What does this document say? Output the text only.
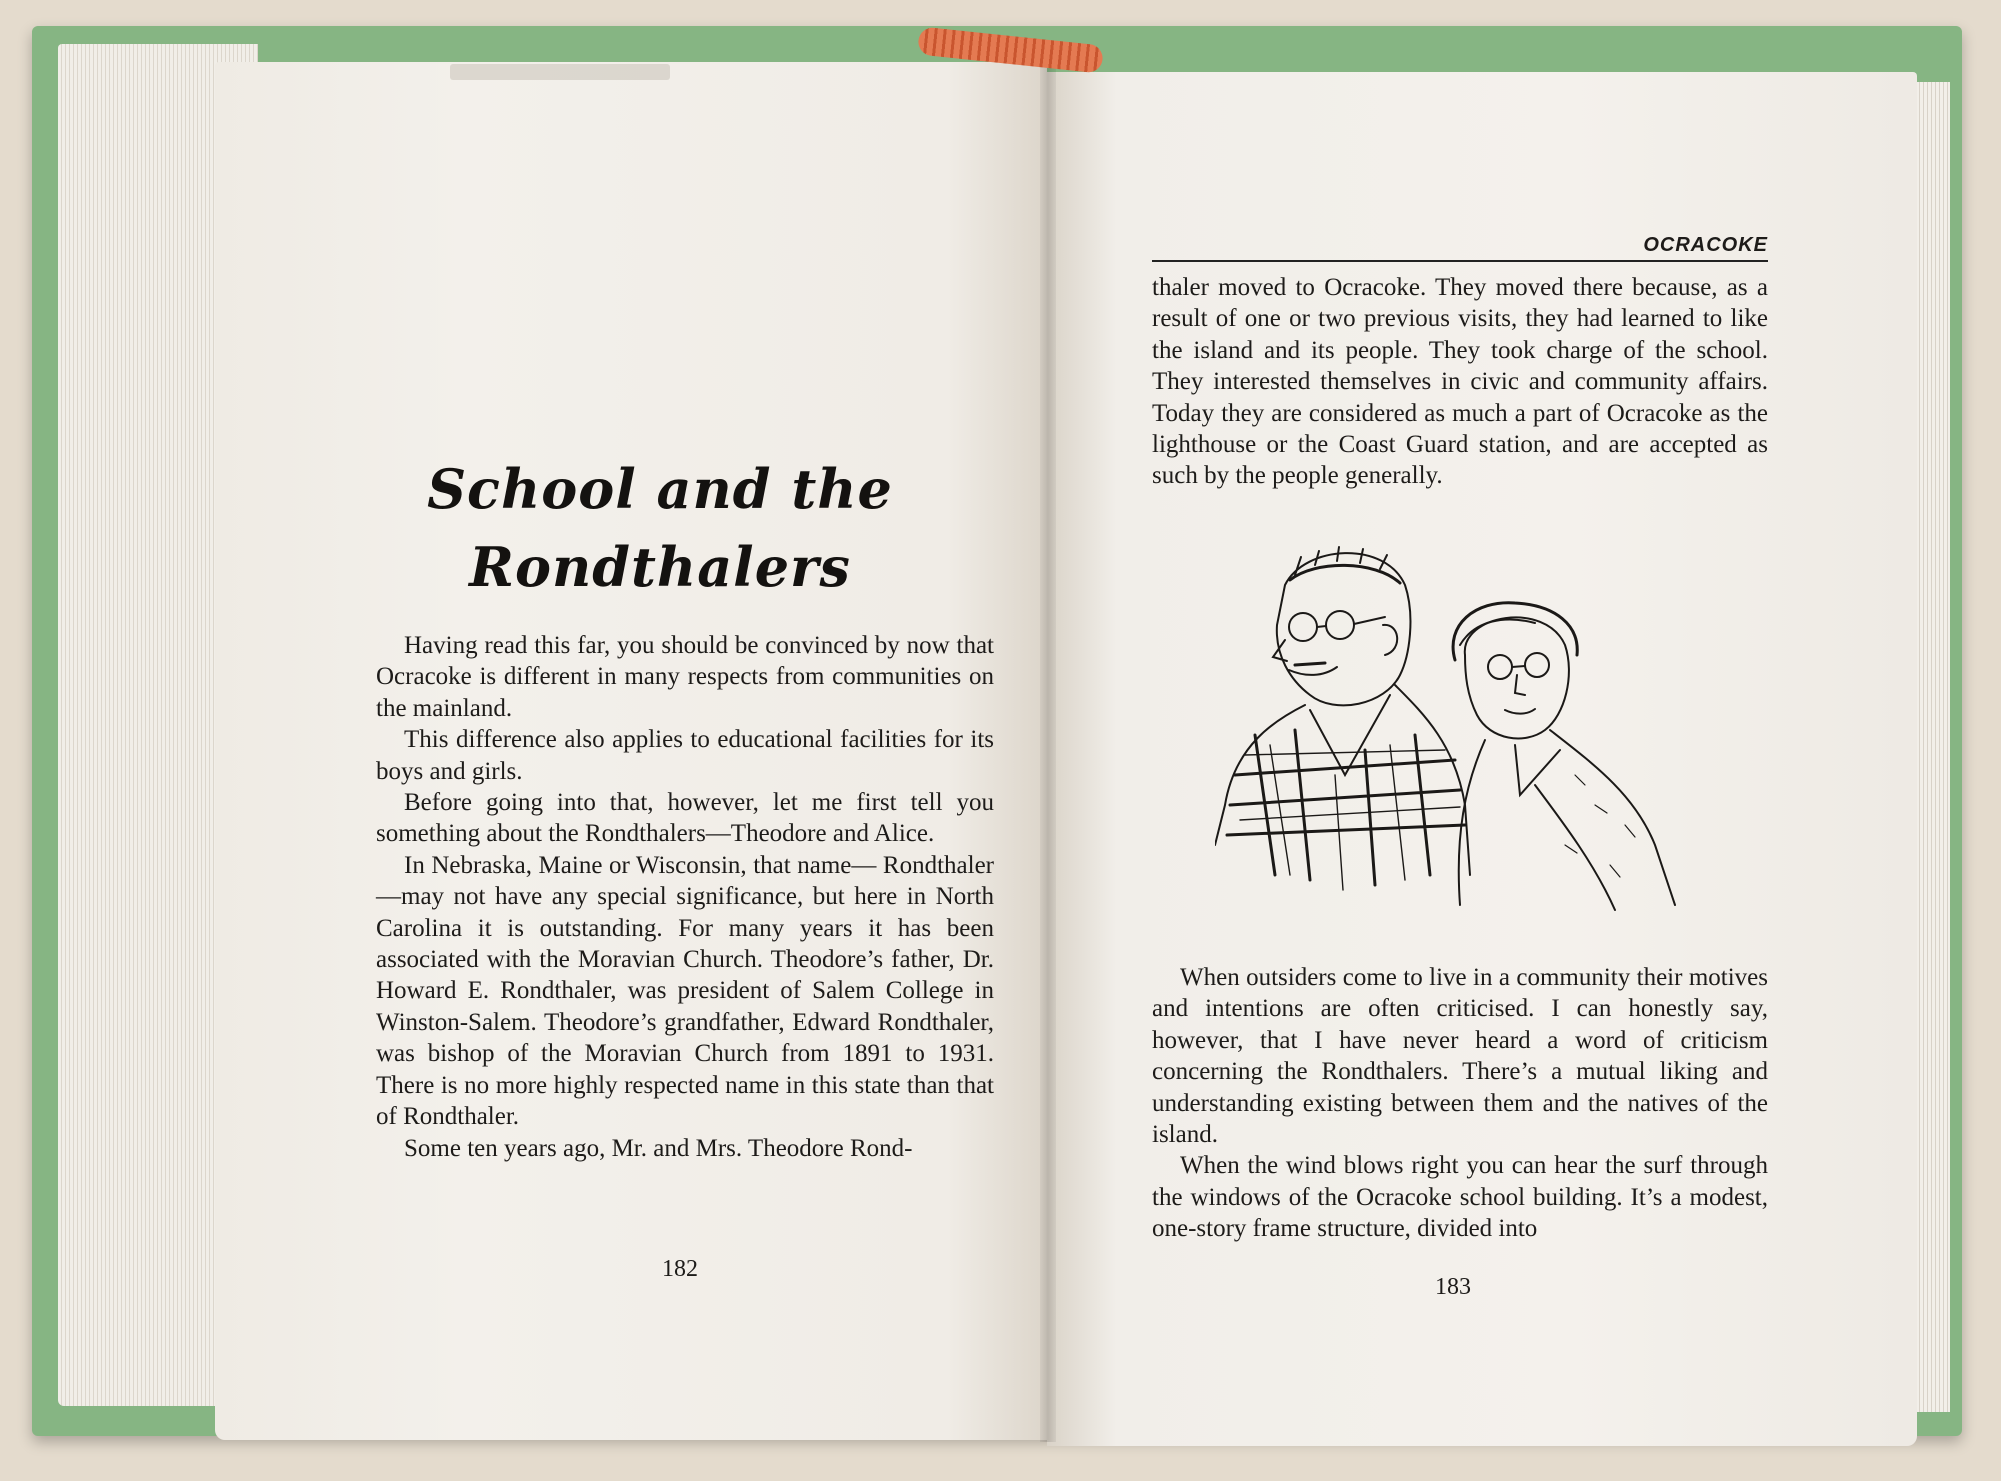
School and the
Rondthalers

Having read this far, you should be convinced by now that Ocracoke is different in many respects from communities on the mainland.

This difference also applies to educational facilities for its boys and girls.

Before going into that, however, let me first tell you something about the Rondthalers—Theodore and Alice.

In Nebraska, Maine or Wisconsin, that name— Rondthaler—may not have any special significance, but here in North Carolina it is outstanding. For many years it has been associated with the Moravian Church. Theodore’s father, Dr. Howard E. Rondthaler, was president of Salem College in Winston-Salem. Theodore’s grandfather, Edward Rondthaler, was bishop of the Moravian Church from 1891 to 1931. There is no more highly respected name in this state than that of Rondthaler.

Some ten years ago, Mr. and Mrs. Theodore Rond-

182
OCRACOKE

thaler moved to Ocracoke. They moved there because, as a result of one or two previous visits, they had learned to like the island and its people. They took charge of the school. They interested themselves in civic and community affairs. Today they are considered as much a part of Ocracoke as the lighthouse or the Coast Guard station, and are accepted as such by the people generally.

When outsiders come to live in a community their motives and intentions are often criticised. I can honestly say, however, that I have never heard a word of criticism concerning the Rondthalers. There’s a mutual liking and understanding existing between them and the natives of the island.

When the wind blows right you can hear the surf through the windows of the Ocracoke school building. It’s a modest, one-story frame structure, divided into

183
